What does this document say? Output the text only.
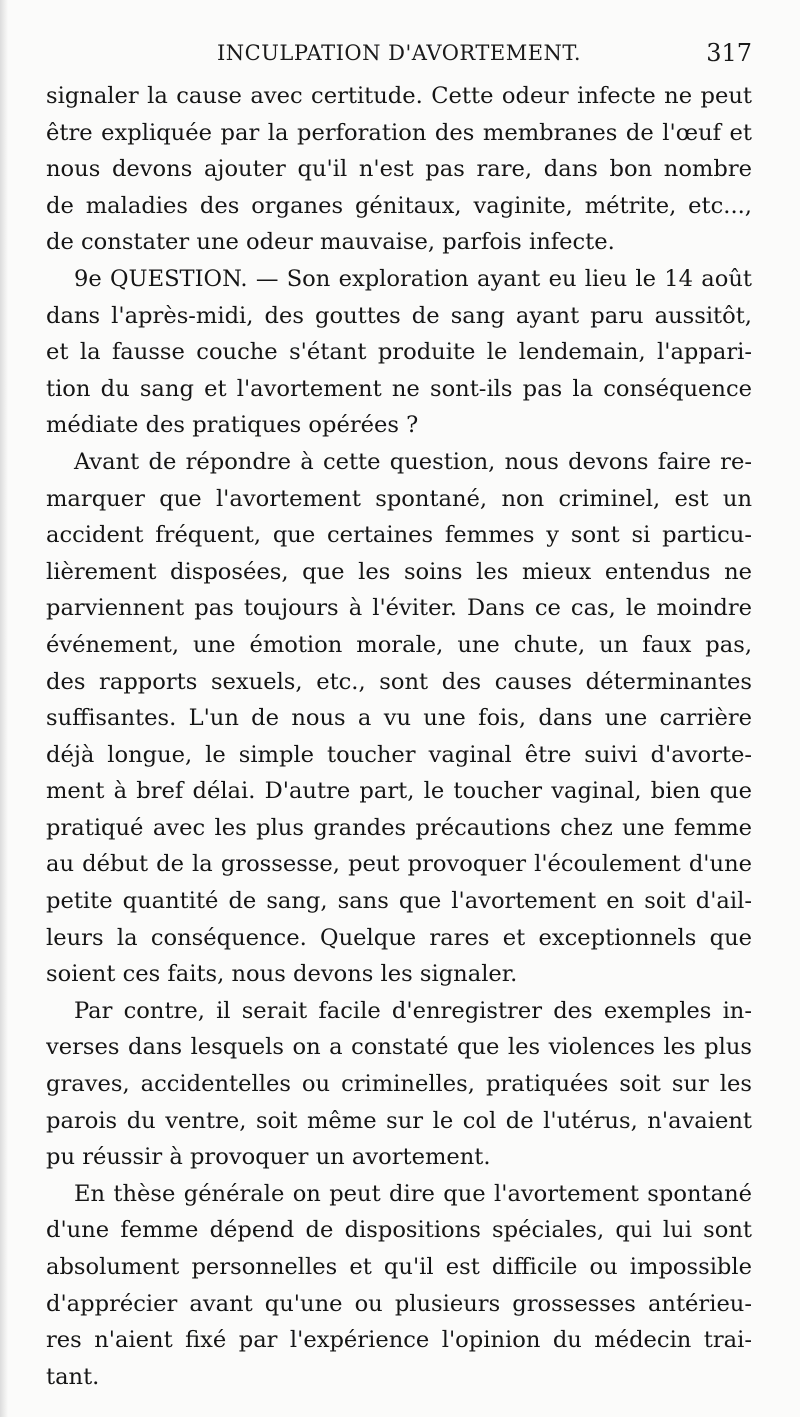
INCULPATION D'AVORTEMENT.	317
signaler la cause avec certitude. Cette odeur infecte ne peut
être expliquée par la perforation des membranes de l'œuf et
nous devons ajouter qu'il n'est pas rare, dans bon nombre
de maladies des organes génitaux, vaginite, métrite, etc...,
de constater une odeur mauvaise, parfois infecte.
9e QUESTION. — Son exploration ayant eu lieu le 14 août
dans l'après-midi, des gouttes de sang ayant paru aussitôt,
et la fausse couche s'étant produite le lendemain, l'appari-
tion du sang et l'avortement ne sont-ils pas la conséquence
médiate des pratiques opérées ?
Avant de répondre à cette question, nous devons faire re-
marquer que l'avortement spontané, non criminel, est un
accident fréquent, que certaines femmes y sont si particu-
lièrement disposées, que les soins les mieux entendus ne
parviennent pas toujours à l'éviter. Dans ce cas, le moindre
événement, une émotion morale, une chute, un faux pas,
des rapports sexuels, etc., sont des causes déterminantes
suffisantes. L'un de nous a vu une fois, dans une carrière
déjà longue, le simple toucher vaginal être suivi d'avorte-
ment à bref délai. D'autre part, le toucher vaginal, bien que
pratiqué avec les plus grandes précautions chez une femme
au début de la grossesse, peut provoquer l'écoulement d'une
petite quantité de sang, sans que l'avortement en soit d'ail-
leurs la conséquence. Quelque rares et exceptionnels que
soient ces faits, nous devons les signaler.
Par contre, il serait facile d'enregistrer des exemples in-
verses dans lesquels on a constaté que les violences les plus
graves, accidentelles ou criminelles, pratiquées soit sur les
parois du ventre, soit même sur le col de l'utérus, n'avaient
pu réussir à provoquer un avortement.
En thèse générale on peut dire que l'avortement spontané
d'une femme dépend de dispositions spéciales, qui lui sont
absolument personnelles et qu'il est difficile ou impossible
d'apprécier avant qu'une ou plusieurs grossesses antérieu-
res n'aient fixé par l'expérience l'opinion du médecin trai-
tant.
